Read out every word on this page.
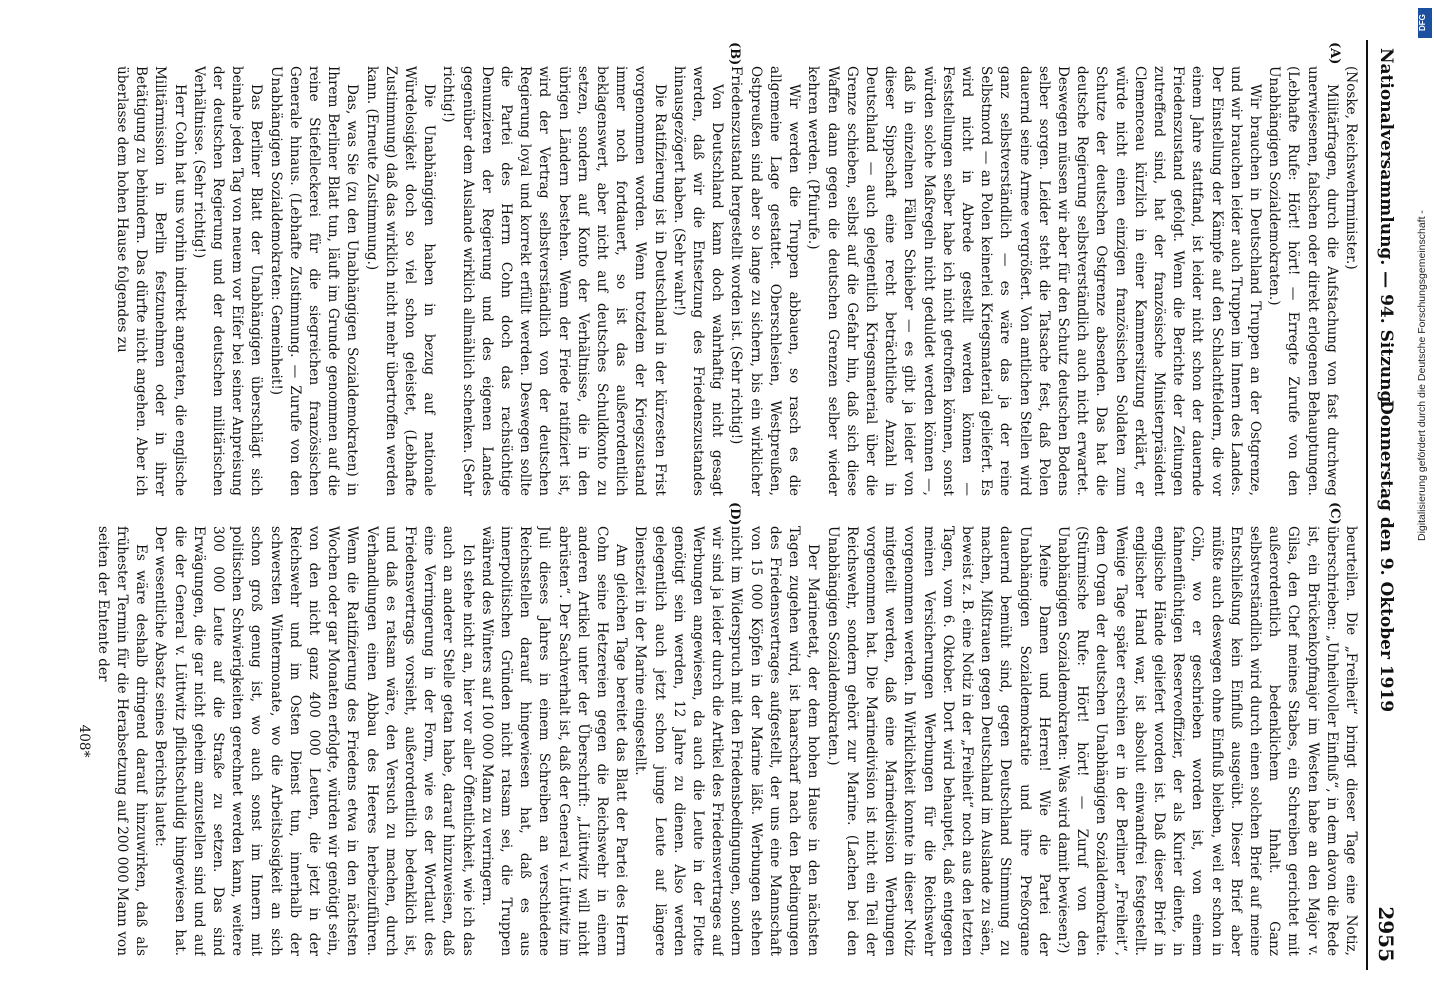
Nationalversammlung. — 94. Sitzung.
Donnerstag den 9. Oktober 1919
2955
(A)
(B)
(C)
(D)

(Noske, Reichswehrminister.)

Militärfragen, durch die Aufstachung von fast durchweg unerwiesenen, falschen oder direkt erlogenen Behauptungen. (Lebhafte Rufe: Hört! hört! — Erregte Zurufe von den Unabhängigen Sozialdemokraten.)

Wir brauchen in Deutschland Truppen an der Ostgrenze, und wir brauchen leider auch Truppen im Innern des Landes. Der Einstellung der Kämpfe auf den Schlachtfeldern, die vor einem Jahre stattfand, ist leider nicht schon der dauernde Friedenszustand gefolgt. Wenn die Berichte der Zeitungen zutreffend sind, hat der französische Ministerpräsident Clemenceau kürzlich in einer Kammersitzung erklärt, er würde nicht einen einzigen französischen Soldaten zum Schutze der deutschen Ostgrenze absenden. Das hat die deutsche Regierung selbstverständlich auch nicht erwartet. Deswegen müssen wir aber für den Schutz deutschen Bodens selber sorgen. Leider steht die Tatsache fest, daß Polen dauernd seine Armee vergrößert. Von amtlichen Stellen wird ganz selbstverständlich — es wäre das ja der reine Selbstmord — an Polen keinerlei Kriegsmaterial geliefert. Es wird nicht in Abrede gestellt werden können — Feststellungen selber habe ich nicht getroffen können, sonst würden solche Maßregeln nicht geduldet werden können —, daß in einzelnen Fällen Schieber — es gibt ja leider von dieser Sippschaft eine recht beträchtliche Anzahl in Deutschland — auch gelegentlich Kriegsmaterial über die Grenze schieben, selbst auf die Gefahr hin, daß sich diese Waffen dann gegen die deutschen Grenzen selber wieder kehren werden. (Pfuirufe.)

Wir werden die Truppen abbauen, so rasch es die allgemeine Lage gestattet. Oberschlesien, Westpreußen, Ostpreußen sind aber so lange zu sichern, bis ein wirklicher Friedenszustand hergestellt worden ist. (Sehr richtig!)

Von Deutschland kann doch wahrhaftig nicht gesagt werden, daß wir die Entsetzung des Friedenszustandes hinausgezögert haben. (Sehr wahr!)

Die Ratifizierung ist in Deutschland in der kürzesten Frist vorgenommen worden. Wenn trotzdem der Kriegszustand immer noch fortdauert, so ist das außerordentlich beklagenswert, aber nicht auf deutsches Schuldkonto zu setzen, sondern auf Konto der Verhältnisse, die in den übrigen Ländern bestehen. Wenn der Friede ratifiziert ist, wird der Vertrag selbstverständlich von der deutschen Regierung loyal und korrekt erfüllt werden. Deswegen sollte die Partei des Herrn Cohn doch das rachsüchtige Denunzieren der Regierung und des eigenen Landes gegenüber dem Auslande wirklich allmählich schenken. (Sehr richtig!)

Die Unabhängigen haben in bezug auf nationale Würdelosigkeit doch so viel schon geleistet, (Lebhafte Zustimmung) daß das wirklich nicht mehr übertroffen werden kann. (Erneute Zustimmung.)

Das, was Sie (zu den Unabhängigen Sozialdemokraten) in Ihrem Berliner Blatt tun, läuft im Grunde genommen auf die reine Stiefelleckerei für die siegreichen französischen Generale hinaus. (Lebhafte Zustimmung. — Zurufe von den Unabhängigen Sozialdemokraten: Gemeinheit!)

Das Berliner Blatt der Unabhängigen überschlägt sich beinahe jeden Tag von neuem vor Eifer bei seiner Anpreisung der deutschen Regierung und der deutschen militärischen Verhältnisse. (Sehr richtig!)

Herr Cohn hat uns vorhin indirekt angeraten, die englische Militärmission in Berlin festzunehmen oder in ihrer Betätigung zu behindern. Das dürfte nicht angehen. Aber ich überlasse dem hohen Hause folgendes zu

beurteilen. Die „Freiheit“ bringt dieser Tage eine Notiz, überschrieben: „Unheilvoller Einfluß“, in dem davon die Rede ist, ein Brückenkopfmajor im Westen habe an den Major v. Gilsa, den Chef meines Stabes, ein Schreiben gerichtet mit außerordentlich bedenklichem Inhalt. Ganz selbstverständlich wird durch einen solchen Brief auf meine Entschließung kein Einfluß ausgeübt. Dieser Brief aber müßte auch deswegen ohne Einfluß bleiben, weil er schon in Cöln, wo er geschrieben worden ist, von einem fahnenflüchtigen Reserveoffizier, der als Kurier diente, in englische Hände geliefert worden ist. Daß dieser Brief in englischer Hand war, ist absolut einwandfrei festgestellt. Wenige Tage später erschien er in der Berliner „Freiheit“, dem Organ der deutschen Unabhängigen Sozialdemokratie. (Stürmische Rufe: Hört! hört! — Zuruf von den Unabhängigen Sozialdemokraten: Was wird damit bewiesen?)

Meine Damen und Herren! Wie die Partei der Unabhängigen Sozialdemokratie und ihre Preßorgane dauernd bemüht sind, gegen Deutschland Stimmung zu machen, Mißtrauen gegen Deutschland im Auslande zu säen, beweist z. B. eine Notiz in der „Freiheit“ noch aus den letzten Tagen, vom 6. Oktober. Dort wird behauptet, daß entgegen meinen Versicherungen Werbungen für die Reichswehr vorgenommen werden. In Wirklichkeit konnte in dieser Notiz mitgeteilt werden, daß eine Marinedivision Werbungen vorgenommen hat. Die Marinedivision ist nicht ein Teil der Reichswehr, sondern gehört zur Marine. (Lachen bei den Unabhängigen Sozialdemokraten.)

Der Marineetat, der dem hohen Hause in den nächsten Tagen zugehen wird, ist haarscharf nach den Bedingungen des Friedensvertrages aufgestellt, der uns eine Mannschaft von 15 000 Köpfen in der Marine läßt. Werbungen stehen nicht im Widerspruch mit den Friedensbedingungen, sondern wir sind ja leider durch die Artikel des Friedensvertrages auf Werbungen angewiesen, da auch die Leute in der Flotte genötigt sein werden, 12 Jahre zu dienen. Also werden gelegentlich auch jetzt schon junge Leute auf längere Dienstzeit in der Marine eingestellt.

Am gleichen Tage bereitet das Blatt der Partei des Herrn Cohn seine Hetzereien gegen die Reichswehr in einem anderen Artikel unter der Überschrift: „Lüttwitz will nicht abrüsten“. Der Sachverhalt ist, daß der General v. Lüttwitz im Juli dieses Jahres in einem Schreiben an verschiedene Reichsstellen darauf hingewiesen hat, daß es aus innerpolitischen Gründen nicht ratsam sei, die Truppen während des Winters auf 100 000 Mann zu verringern.

Ich stehe nicht an, hier vor aller Öffentlichkeit, wie ich das auch an anderer Stelle getan habe, darauf hinzuweisen, daß eine Verringerung in der Form, wie es der Wortlaut des Friedensvertrags vorsieht, außerordentlich bedenklich ist, und daß es ratsam wäre, den Versuch zu machen, durch Verhandlungen einen Abbau des Heeres herbeizuführen. Wenn die Ratifizierung des Friedens etwa in den nächsten Wochen oder gar Monaten erfolgte, würden wir genötigt sein, von den nicht ganz 400 000 Leuten, die jetzt in der Reichswehr und im Osten Dienst tun, innerhalb der schwersten Wintermonate, wo die Arbeitslosigkeit an sich schon groß genug ist, wo auch sonst im Innern mit politischen Schwierigkeiten gerechnet werden kann, weitere 300 000 Leute auf die Straße zu setzen. Das sind Erwägungen, die gar nicht geheim anzustellen sind und auf die der General v. Lüttwitz pflichtschuldig hingewiesen hat. Der wesentliche Absatz seines Berichts lautet:

Es wäre deshalb dringend darauf hinzuwirken, daß als frühester Termin für die Herabsetzung auf 200 000 Mann von seiten der Entente der

408*

Digitalisierung gefördert durch die Deutsche Forschungsgemeinschaft -
DFG
